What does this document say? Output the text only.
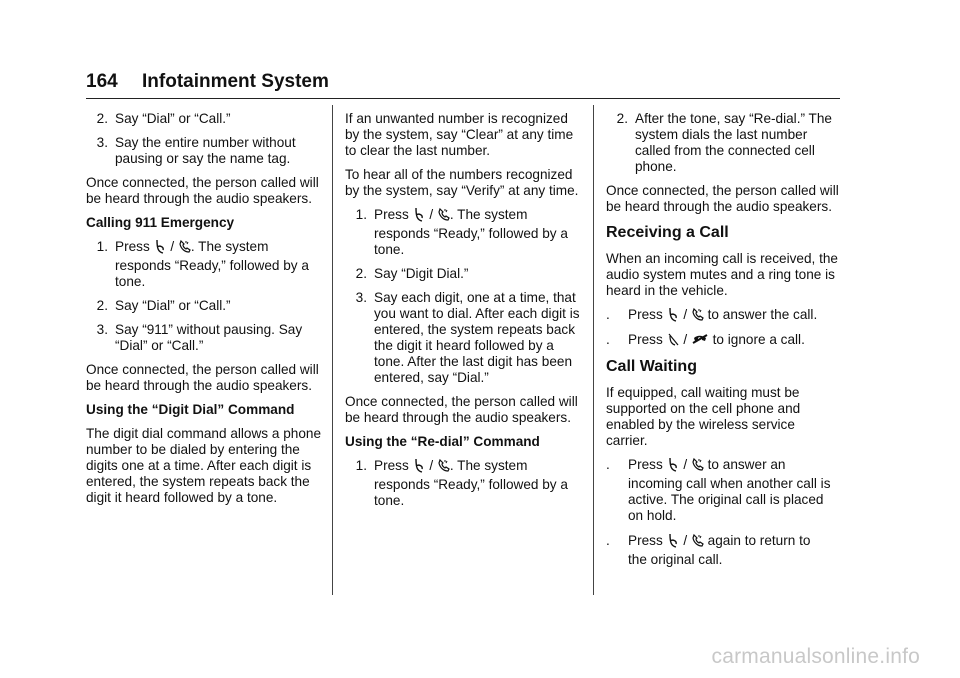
164 Infotainment System
2. Say “Dial” or “Call.”
3. Say the entire number without pausing or say the name tag.

Once connected, the person called will be heard through the audio speakers.

Calling 911 Emergency

1. Press / . The system
responds “Ready,” followed by a tone.
2. Say “Dial” or “Call.”
3. Say “911” without pausing. Say “Dial” or “Call.”

Once connected, the person called will be heard through the audio speakers.

Using the “Digit Dial” Command

The digit dial command allows a phone number to be dialed by entering the digits one at a time. After each digit is entered, the system repeats back the digit it heard followed by a tone.

If an unwanted number is recognized by the system, say “Clear” at any time to clear the last number.

To hear all of the numbers recognized by the system, say “Verify” at any time.

1. Press / . The system
responds “Ready,” followed by a tone.
2. Say “Digit Dial.”
3. Say each digit, one at a time, that you want to dial. After each digit is entered, the system repeats back the digit it heard followed by a tone. After the last digit has been entered, say “Dial.”

Once connected, the person called will be heard through the audio speakers.

Using the “Re-dial” Command

1. Press / . The system
responds “Ready,” followed by a tone.
2. After the tone, say “Re-dial.” The system dials the last number called from the connected cell phone.

Once connected, the person called will be heard through the audio speakers.

Receiving a Call

When an incoming call is received, the audio system mutes and a ring tone is heard in the vehicle.

.	Press / to answer the call.
.	Press / to ignore a call.
Call Waiting

If equipped, call waiting must be supported on the cell phone and enabled by the wireless service carrier.

.	Press / to answer an
incoming call when another call is active. The original call is placed on hold.
.	Press / again to return to
the original call.
carmanualsonline.info
